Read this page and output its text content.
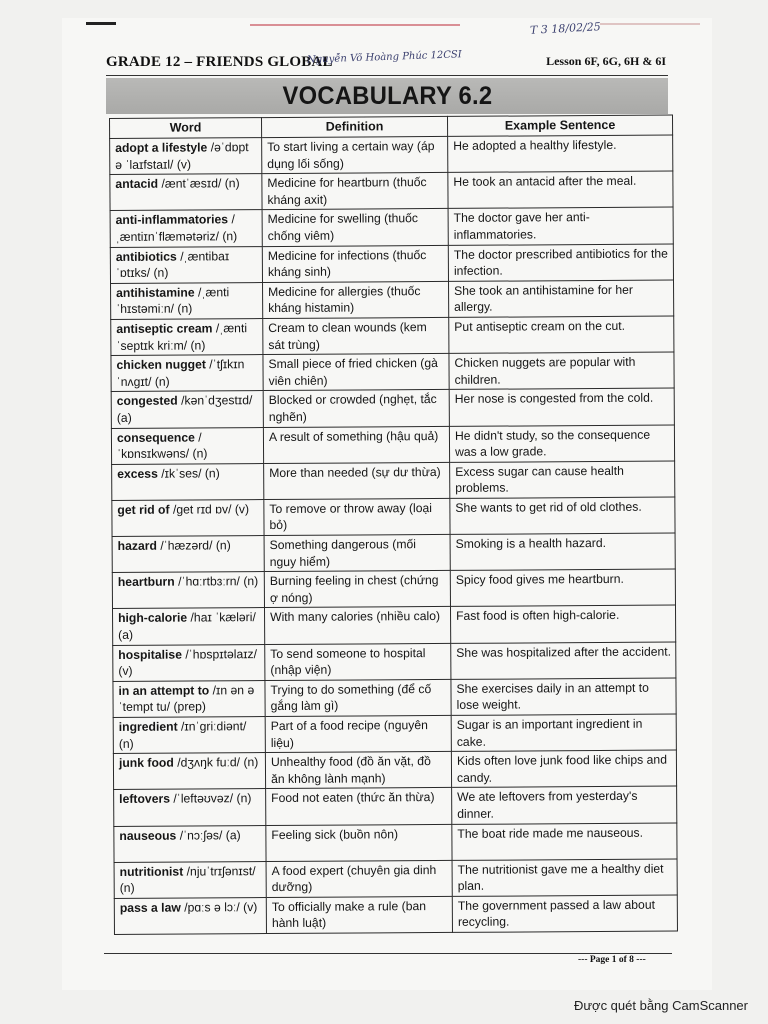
GRADE 12 – FRIENDS GLOBAL
Nguyễn Võ Hoàng Phúc 12CSI	Lesson 6F, 6G, 6H & 6I
T 3 18/02/25
VOCABULARY 6.2
Word	Definition	Example Sentence
adopt a lifestyle /əˈdɒpt ə ˈlaɪfstaɪl/ (v)	To start living a certain way (áp dụng lối sống)	He adopted a healthy lifestyle.
antacid /æntˈæsɪd/ (n)	Medicine for heartburn (thuốc kháng axit)	He took an antacid after the meal.
anti-inflammatories /ˌæntiɪnˈflæmətəriz/ (n)	Medicine for swelling (thuốc chống viêm)	The doctor gave her anti-inflammatories.
antibiotics /ˌæntibaɪˈɒtɪks/ (n)	Medicine for infections (thuốc kháng sinh)	The doctor prescribed antibiotics for the infection.
antihistamine /ˌæntiˈhɪstəmiːn/ (n)	Medicine for allergies (thuốc kháng histamin)	She took an antihistamine for her allergy.
antiseptic cream /ˌæntiˈseptɪk kriːm/ (n)	Cream to clean wounds (kem sát trùng)	Put antiseptic cream on the cut.
chicken nugget /ˈtʃɪkɪn ˈnʌɡɪt/ (n)	Small piece of fried chicken (gà viên chiên)	Chicken nuggets are popular with children.
congested /kənˈdʒestɪd/ (a)	Blocked or crowded (nghẹt, tắc nghẽn)	Her nose is congested from the cold.
consequence /ˈkɒnsɪkwəns/ (n)	A result of something (hậu quả)	He didn't study, so the consequence was a low grade.
excess /ɪkˈses/ (n)	More than needed (sự dư thừa)	Excess sugar can cause health problems.
get rid of /get rɪd ɒv/ (v)	To remove or throw away (loại bỏ)	She wants to get rid of old clothes.
hazard /ˈhæzərd/ (n)	Something dangerous (mối nguy hiểm)	Smoking is a health hazard.
heartburn /ˈhɑːrtbɜːrn/ (n)	Burning feeling in chest (chứng ợ nóng)	Spicy food gives me heartburn.
high-calorie /haɪ ˈkæləri/ (a)	With many calories (nhiều calo)	Fast food is often high-calorie.
hospitalise /ˈhɒspɪtəlaɪz/ (v)	To send someone to hospital (nhập viện)	She was hospitalized after the accident.
in an attempt to /ɪn ən əˈtempt tu/ (prep)	Trying to do something (để cố gắng làm gì)	She exercises daily in an attempt to lose weight.
ingredient /ɪnˈɡriːdiənt/ (n)	Part of a food recipe (nguyên liệu)	Sugar is an important ingredient in cake.
junk food /dʒʌŋk fuːd/ (n)	Unhealthy food (đồ ăn vặt, đồ ăn không lành mạnh)	Kids often love junk food like chips and candy.
leftovers /ˈleftəʊvəz/ (n)	Food not eaten (thức ăn thừa)	We ate leftovers from yesterday's dinner.
nauseous /ˈnɔːʃəs/ (a)	Feeling sick (buồn nôn)	The boat ride made me nauseous.
nutritionist /njuˈtrɪʃənɪst/ (n)	A food expert (chuyên gia dinh dưỡng)	The nutritionist gave me a healthy diet plan.
pass a law /pɑːs ə lɔː/ (v)	To officially make a rule (ban hành luật)	The government passed a law about recycling.
--- Page 1 of 8 ---
Được quét bằng CamScanner
